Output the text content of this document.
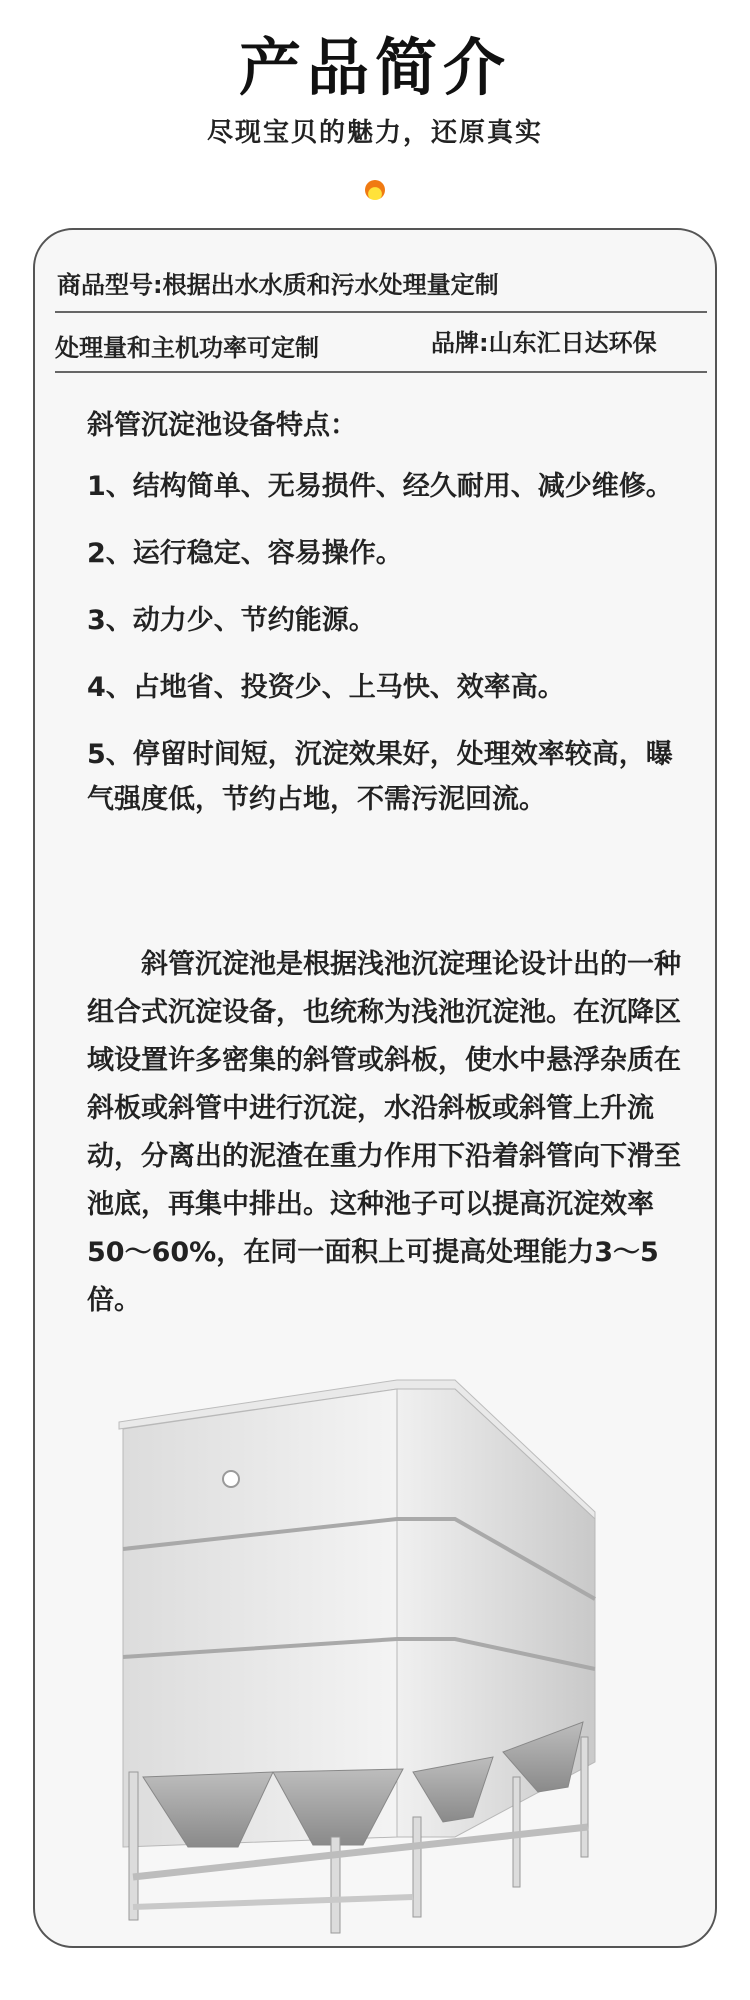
产品简介
尽现宝贝的魅力，还原真实
商品型号:根据出水水质和污水处理量定制
处理量和主机功率可定制	品牌:山东汇日达环保
斜管沉淀池设备特点：

1、结构简单、无易损件、经久耐用、减少维修。

2、运行稳定、容易操作。

3、动力少、节约能源。

4、占地省、投资少、上马快、效率高。

5、停留时间短，沉淀效果好，处理效率较高，曝气强度低，节约占地，不需污泥回流。

斜管沉淀池是根据浅池沉淀理论设计出的一种组合式沉淀设备，也统称为浅池沉淀池。在沉降区域设置许多密集的斜管或斜板，使水中悬浮杂质在斜板或斜管中进行沉淀，水沿斜板或斜管上升流动，分离出的泥渣在重力作用下沿着斜管向下滑至池底，再集中排出。这种池子可以提高沉淀效率50～60%，在同一面积上可提高处理能力3～5倍。
